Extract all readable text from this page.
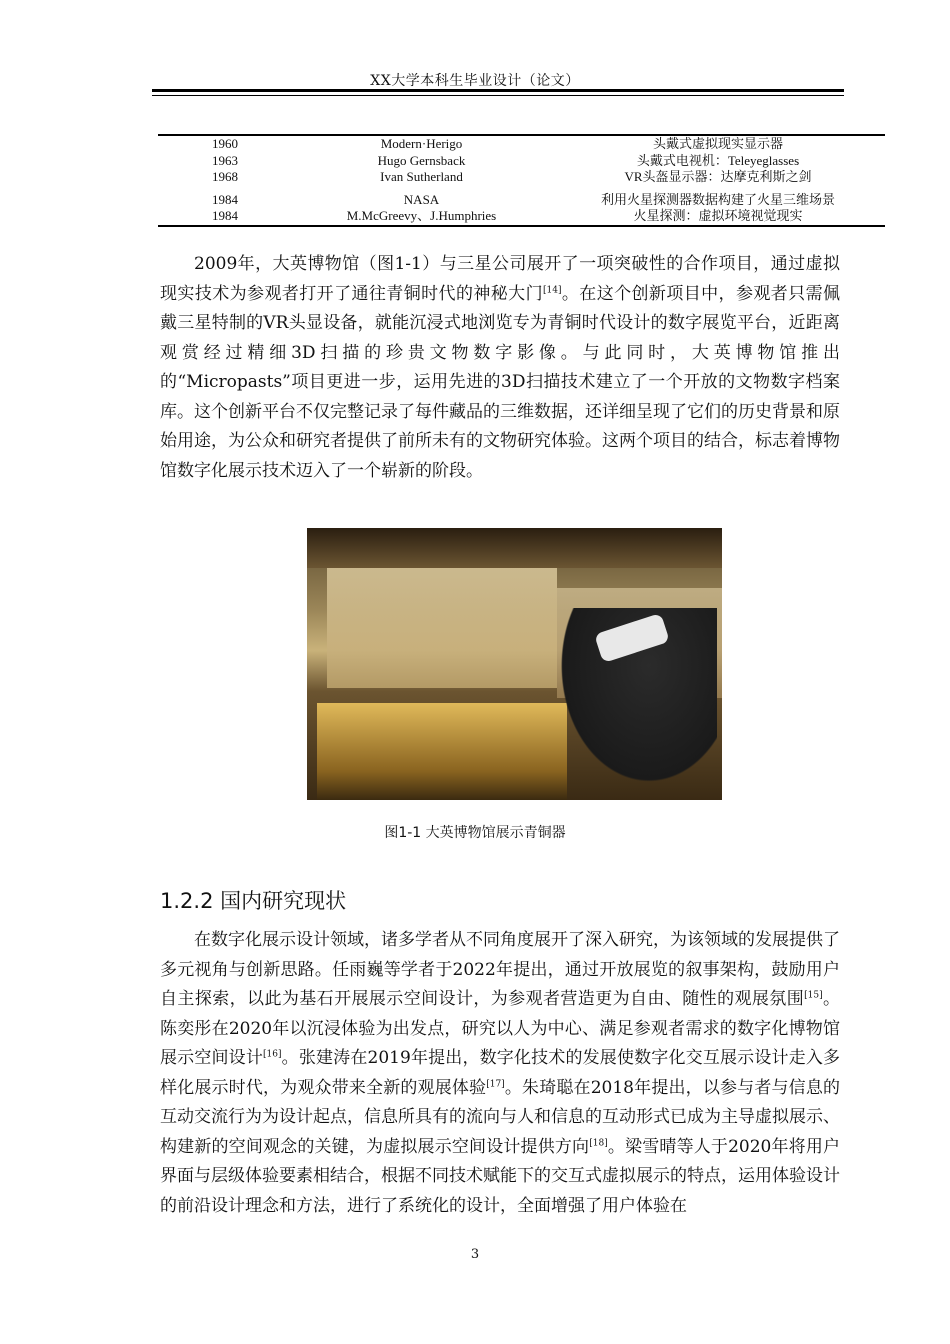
XX大学本科生毕业设计（论文）
1960	Modern·Herigo	头戴式虚拟现实显示器
1963	Hugo Gernsback	头戴式电视机：Teleyeglasses
1968	Ivan Sutherland	VR头盔显示器：达摩克利斯之剑
1984	NASA	利用火星探测器数据构建了火星三维场景
1984	M.McGreevy、J.Humphries	火星探测：虚拟环境视觉现实

2009年，大英博物馆（图1-1）与三星公司展开了一项突破性的合作项目，通过虚拟现实技术为参观者打开了通往青铜时代的神秘大门[14]。在这个创新项目中，参观者只需佩戴三星特制的VR头显设备，就能沉浸式地浏览专为青铜时代设计的数字展览平台，近距离观赏经过精细3D扫描的珍贵文物数字影像。与此同时，大英博物馆推出的“Micropasts”项目更进一步，运用先进的3D扫描技术建立了一个开放的文物数字档案库。这个创新平台不仅完整记录了每件藏品的三维数据，还详细呈现了它们的历史背景和原始用途，为公众和研究者提供了前所未有的文物研究体验。这两个项目的结合，标志着博物馆数字化展示技术迈入了一个崭新的阶段。

图1-1 大英博物馆展示青铜器
1.2.2 国内研究现状

在数字化展示设计领域，诸多学者从不同角度展开了深入研究，为该领域的发展提供了多元视角与创新思路。任雨巍等学者于2022年提出，通过开放展览的叙事架构，鼓励用户自主探索，以此为基石开展展示空间设计，为参观者营造更为自由、随性的观展氛围[15]。陈奕彤在2020年以沉浸体验为出发点，研究以人为中心、满足参观者需求的数字化博物馆展示空间设计[16]。张建涛在2019年提出，数字化技术的发展使数字化交互展示设计走入多样化展示时代，为观众带来全新的观展体验[17]。朱琦聪在2018年提出，以参与者与信息的互动交流行为为设计起点，信息所具有的流向与人和信息的互动形式已成为主导虚拟展示、构建新的空间观念的关键，为虚拟展示空间设计提供方向[18]。梁雪晴等人于2020年将用户界面与层级体验要素相结合，根据不同技术赋能下的交互式虚拟展示的特点，运用体验设计的前沿设计理念和方法，进行了系统化的设计，全面增强了用户体验在

3
